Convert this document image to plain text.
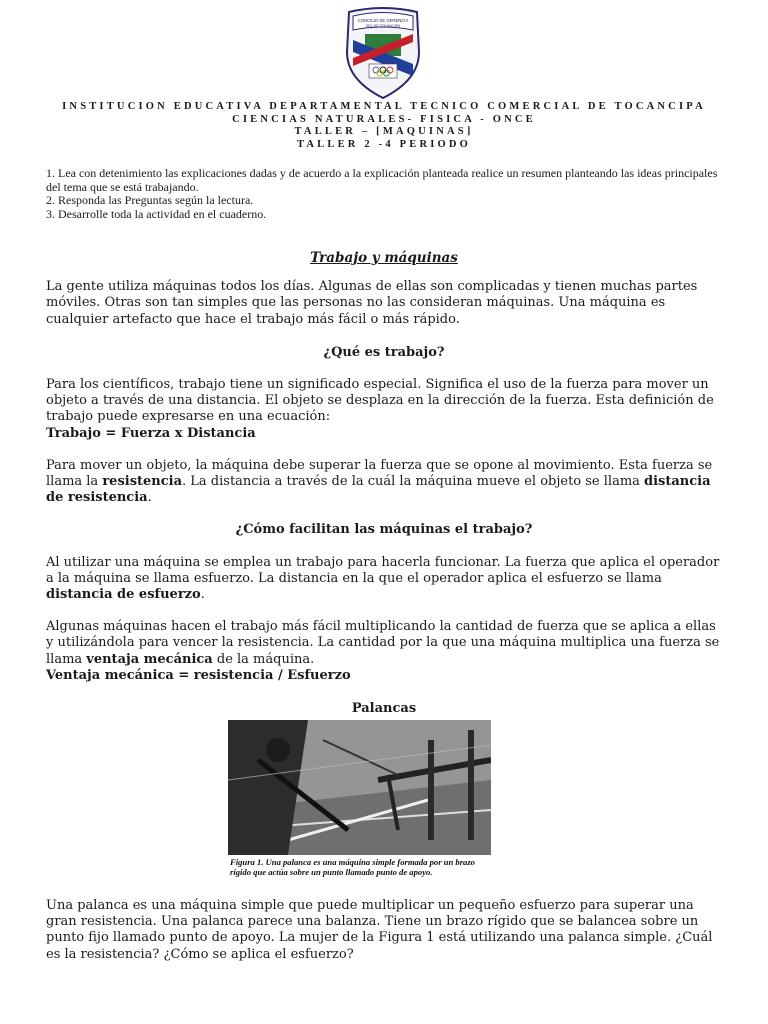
CONCEJO DE GERENCIA
DEL DE TOCANCIPA
INSTITUCION EDUCATIVA DEPARTAMENTAL TECNICO COMERCIAL DE TOCANCIPA
CIENCIAS NATURALES- FISICA - ONCE
TALLER – [MAQUINAS]
TALLER 2 -4 PERIODO
1. Lea con detenimiento las explicaciones dadas y de acuerdo a la explicación planteada realice un resumen planteando las ideas principales del tema que se está trabajando.
2. Responda las Preguntas según la lectura.
3. Desarrolle toda la actividad en el cuaderno.

Trabajo y máquinas

La gente utiliza máquinas todos los días. Algunas de ellas son complicadas y tienen muchas partes móviles. Otras son tan simples que las personas no las consideran máquinas. Una máquina es cualquier artefacto que hace el trabajo más fácil o más rápido.

¿Qué es trabajo?

Para los científicos, trabajo tiene un significado especial. Significa el uso de la fuerza para mover un objeto a través de una distancia. El objeto se desplaza en la dirección de la fuerza. Esta definición de trabajo puede expresarse en una ecuación:

Trabajo = Fuerza x Distancia

Para mover un objeto, la máquina debe superar la fuerza que se opone al movimiento. Esta fuerza se llama la resistencia. La distancia a través de la cuál la máquina mueve el objeto se llama distancia de resistencia.

¿Cómo facilitan las máquinas el trabajo?

Al utilizar una máquina se emplea un trabajo para hacerla funcionar. La fuerza que aplica el operador a la máquina se llama esfuerzo. La distancia en la que el operador aplica el esfuerzo se llama distancia de esfuerzo.

Algunas máquinas hacen el trabajo más fácil multiplicando la cantidad de fuerza que se aplica a ellas y utilizándola para vencer la resistencia. La cantidad por la que una máquina multiplica una fuerza se llama ventaja mecánica de la máquina.

Ventaja mecánica = resistencia / Esfuerzo

Palancas

Figura 1. Una palanca es una máquina simple formada por un brazo rígido que actúa sobre un punto llamado punto de apoyo.
Una palanca es una máquina simple que puede multiplicar un pequeño esfuerzo para superar una gran resistencia. Una palanca parece una balanza. Tiene un brazo rígido que se balancea sobre un punto fijo llamado punto de apoyo. La mujer de la Figura 1 está utilizando una palanca simple. ¿Cuál es la resistencia? ¿Cómo se aplica el esfuerzo?
